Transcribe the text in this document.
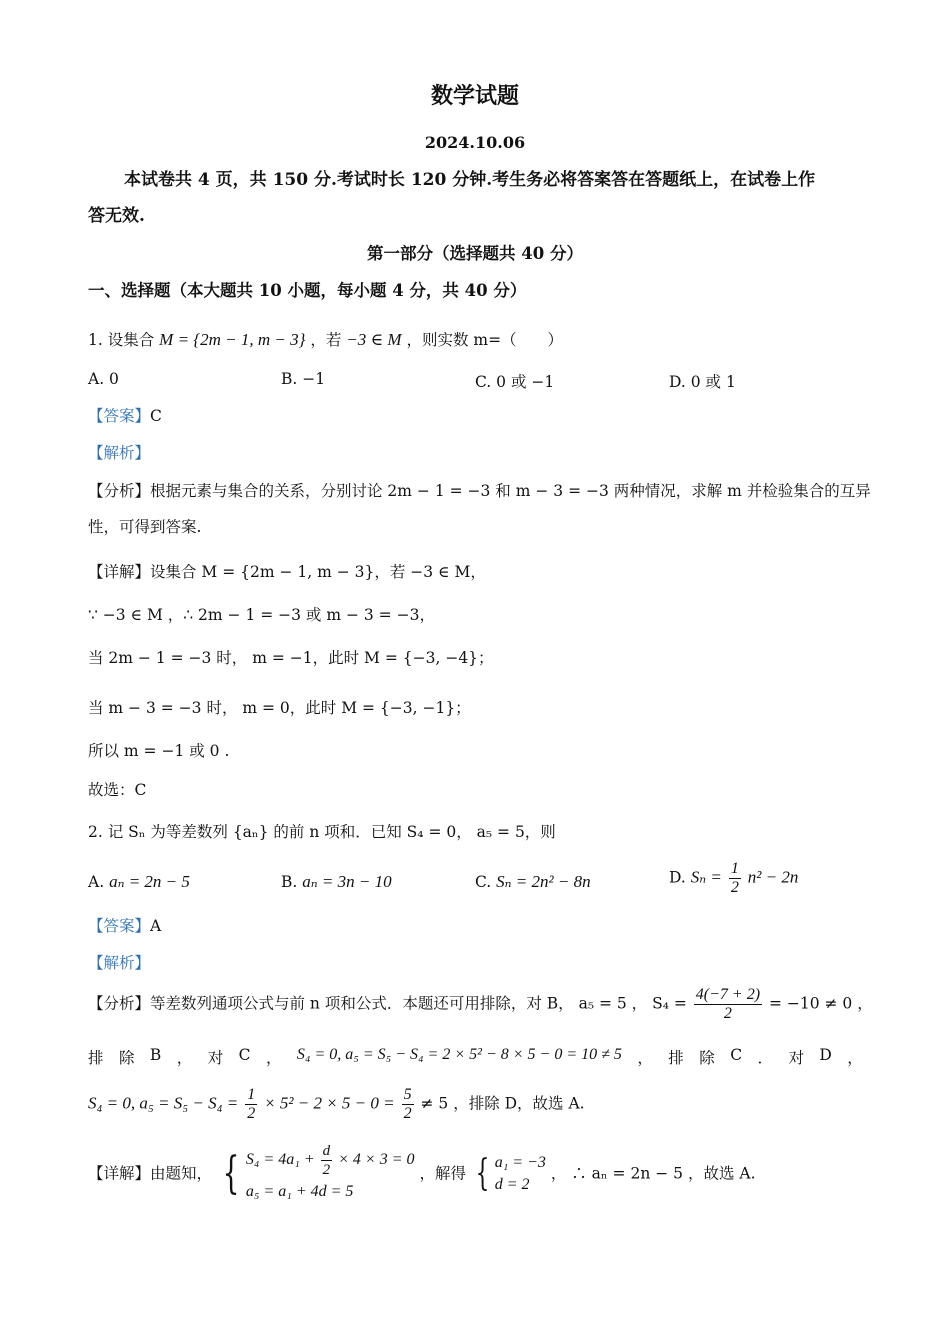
数学试题
2024.10.06
本试卷共 4 页，共 150 分.考试时长 120 分钟.考生务必将答案答在答题纸上，在试卷上作
答无效.
第一部分（选择题共 40 分）
一、选择题（本大题共 10 小题，每小题 4 分，共 40 分）
1. 设集合 M = {2m − 1, m − 3} ，若 −3 ∈ M ，则实数 m=（　　）
A. 0	B. −1	C. 0 或 −1	D. 0 或 1
【答案】C
【解析】
【分析】根据元素与集合的关系，分别讨论 2m − 1 = −3 和 m − 3 = −3 两种情况，求解 m 并检验集合的互异
性，可得到答案.
【详解】设集合 M = {2m − 1, m − 3}，若 −3 ∈ M，
∵ −3 ∈ M ，∴ 2m − 1 = −3 或 m − 3 = −3，
当 2m − 1 = −3 时， m = −1，此时 M = {−3, −4}；
当 m − 3 = −3 时， m = 0，此时 M = {−3, −1}；
所以 m = −1 或 0 .
故选：C
2. 记 Sₙ 为等差数列 {aₙ} 的前 n 项和．已知 S₄ = 0， a₅ = 5，则
A. aₙ = 2n − 5	B. aₙ = 3n − 10	C. Sₙ = 2n² − 8n	D. $S_n = \frac{1}{2} n^2 - 2n$
【答案】A
【解析】
【分析】等差数列通项公式与前 n 项和公式．本题还可用排除，对 B， a₅ = 5 ， $S_4 = \frac{4(-7 + 2)}{2} = -10 \ne 0$ ，
排 除 B ， 对 C ， S₄ = 0, a₅ = S₅ − S₄ = 2 × 5² − 8 × 5 − 0 = 10 ≠ 5 ， 排 除 C ． 对 D ，
S₄ = 0, $a_5 = S_5 - S_4 = \frac{1}{2} \times 5^2 - 2 \times 5 - 0 = \frac{5}{2} \ne 5$ ，排除 D，故选 A.
【详解】由题知， { $S_4 = 4a_1 + \frac{d}{2} \times 4 \times 3 = 0$
a₅ = a₁ + 4d = 5
，解得 { a₁ = −3
d = 2
， ∴ aₙ = 2n − 5 ，故选 A.
